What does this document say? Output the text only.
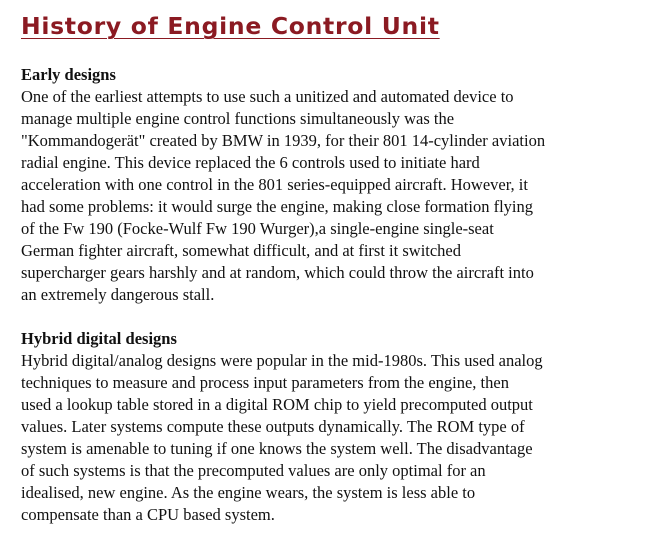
History of Engine Control Unit
Early designs

One of the earliest attempts to use such a unitized and automated device to
manage multiple engine control functions simultaneously was the
"Kommandogerät" created by BMW in 1939, for their 801 14-cylinder aviation
radial engine. This device replaced the 6 controls used to initiate hard
acceleration with one control in the 801 series-equipped aircraft. However, it
had some problems: it would surge the engine, making close formation flying
of the Fw 190 (Focke-Wulf Fw 190 Wurger),a single-engine single-seat
German fighter aircraft, somewhat difficult, and at first it switched
supercharger gears harshly and at random, which could throw the aircraft into
an extremely dangerous stall.

Hybrid digital designs

Hybrid digital/analog designs were popular in the mid-1980s. This used analog
techniques to measure and process input parameters from the engine, then
used a lookup table stored in a digital ROM chip to yield precomputed output
values. Later systems compute these outputs dynamically. The ROM type of
system is amenable to tuning if one knows the system well. The disadvantage
of such systems is that the precomputed values are only optimal for an
idealised, new engine. As the engine wears, the system is less able to
compensate than a CPU based system.
